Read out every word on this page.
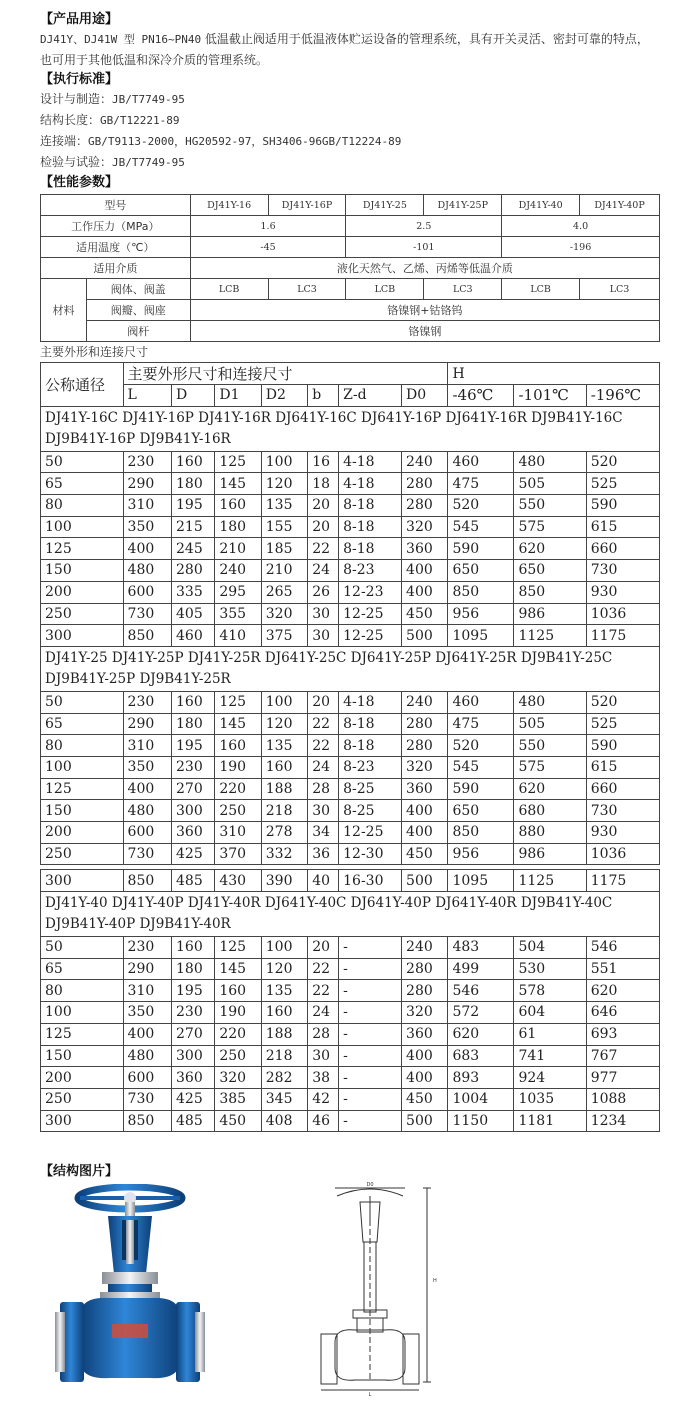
【产品用途】
DJ41Y、DJ41W 型 PN16~PN40 低温截止阀适用于低温液体贮运设备的管理系统，具有开关灵活、密封可靠的特点，也可用于其他低温和深冷介质的管理系统。
【执行标准】
设计与制造：JB/T7749-95
结构长度：GB/T12221-89
连接端：GB/T9113-2000，HG20592-97，SH3406-96GB/T12224-89
检验与试验：JB/T7749-95
【性能参数】
型号		DJ41Y-16	DJ41Y-16P	DJ41Y-25	DJ41Y-25P	DJ41Y-40	DJ41Y-40P
工作压力（MPa）		1.6		2.5		4.0	
适用温度（℃）		-45		-101		-196	
适用介质		液化天然气、乙烯、丙烯等低温介质					
材料	阀体、阀盖	LCB	LC3	LCB	LC3	LCB	LC3
	阀瓣、阀座	铬镍钢+钴铬钨					
	阀杆	铬镍钢					
主要外形和连接尺寸
公称通径	主要外形尺寸和连接尺寸							H		
	L	D	D1	D2	b	Z-d	D0	-46℃	-101℃	-196℃
DJ41Y-16C DJ41Y-16P DJ41Y-16R DJ641Y-16C DJ641Y-16P DJ641Y-16R DJ9B41Y-16C DJ9B41Y-16P DJ9B41Y-16R										
50	230	160	125	100	16	4-18	240	460	480	520
65	290	180	145	120	18	4-18	280	475	505	525
80	310	195	160	135	20	8-18	280	520	550	590
100	350	215	180	155	20	8-18	320	545	575	615
125	400	245	210	185	22	8-18	360	590	620	660
150	480	280	240	210	24	8-23	400	650	650	730
200	600	335	295	265	26	12-23	400	850	850	930
250	730	405	355	320	30	12-25	450	956	986	1036
300	850	460	410	375	30	12-25	500	1095	1125	1175
DJ41Y-25 DJ41Y-25P DJ41Y-25R DJ641Y-25C DJ641Y-25P DJ641Y-25R DJ9B41Y-25C DJ9B41Y-25P DJ9B41Y-25R										
50	230	160	125	100	20	4-18	240	460	480	520
65	290	180	145	120	22	8-18	280	475	505	525
80	310	195	160	135	22	8-18	280	520	550	590
100	350	230	190	160	24	8-23	320	545	575	615
125	400	270	220	188	28	8-25	360	590	620	660
150	480	300	250	218	30	8-25	400	650	680	730
200	600	360	310	278	34	12-25	400	850	880	930
250	730	425	370	332	36	12-30	450	956	986	1036

300	850	485	430	390	40	16-30	500	1095	1125	1175
DJ41Y-40 DJ41Y-40P DJ41Y-40R DJ641Y-40C DJ641Y-40P DJ641Y-40R DJ9B41Y-40C DJ9B41Y-40P DJ9B41Y-40R										
50	230	160	125	100	20	-	240	483	504	546
65	290	180	145	120	22	-	280	499	530	551
80	310	195	160	135	22	-	280	546	578	620
100	350	230	190	160	24	-	320	572	604	646
125	400	270	220	188	28	-	360	620	61	693
150	480	300	250	218	30	-	400	683	741	767
200	600	360	320	282	38	-	400	893	924	977
250	730	425	385	345	42	-	450	1004	1035	1088
300	850	485	450	408	46	-	500	1150	1181	1234
【结构图片】
D0
H
L
